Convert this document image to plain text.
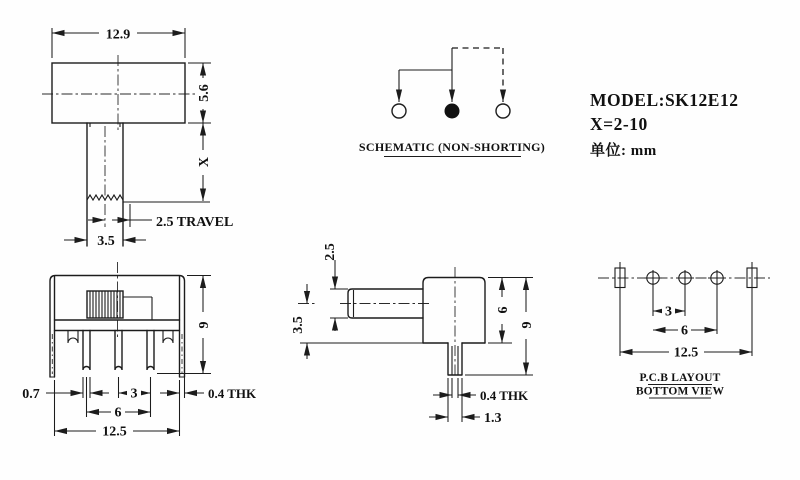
12.9
5.6
X
2.5 TRAVEL
3.5
SCHEMATIC (NON-SHORTING)
MODEL:SK12E12
X=2-10
单位: mm
9
0.7	3
6
12.5
0.4 THK
2.5
3.5
6
9
0.4 THK
1.3
3
6
12.5
P.C.B LAYOUT
BOTTOM VIEW
